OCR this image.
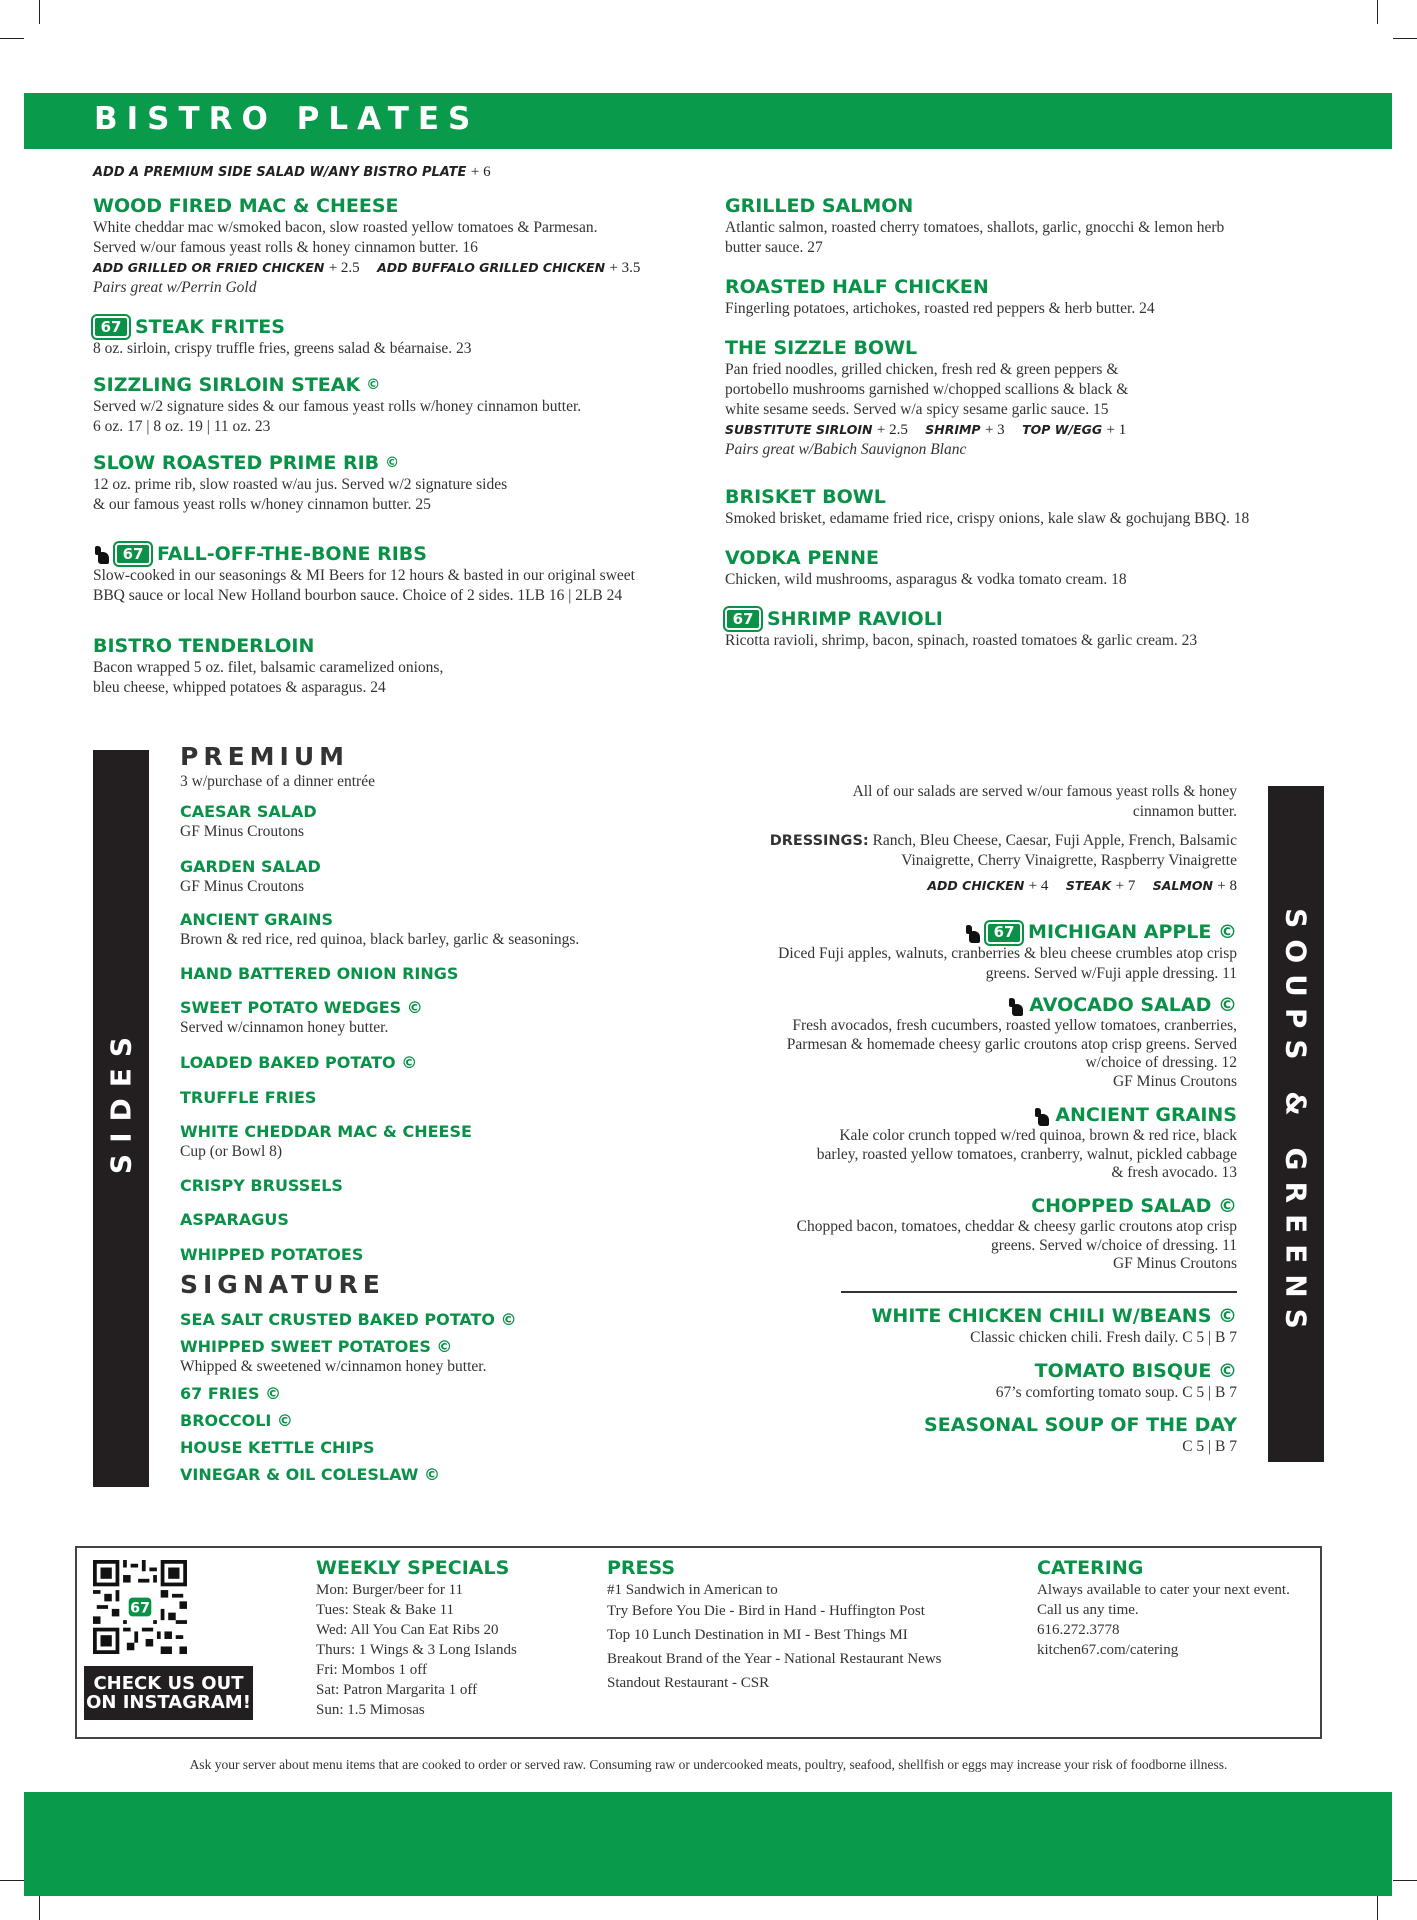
BISTRO PLATES
ADD A PREMIUM SIDE SALAD W/ANY BISTRO PLATE + 6
WOOD FIRED MAC & CHEESE
White cheddar mac w/smoked bacon, slow roasted yellow tomatoes & Parmesan.
Served w/our famous yeast rolls & honey cinnamon butter. 16
ADD GRILLED OR FRIED CHICKEN + 2.5 ADD BUFFALO GRILLED CHICKEN + 3.5
Pairs great w/Perrin Gold
67 STEAK FRITES
8 oz. sirloin, crispy truffle fries, greens salad & béarnaise. 23
SIZZLING SIRLOIN STEAK ©
Served w/2 signature sides & our famous yeast rolls w/honey cinnamon butter.
6 oz. 17 | 8 oz. 19 | 11 oz. 23
SLOW ROASTED PRIME RIB ©
12 oz. prime rib, slow roasted w/au jus. Served w/2 signature sides
& our famous yeast rolls w/honey cinnamon butter. 25
67 FALL-OFF-THE-BONE RIBS
Slow-cooked in our seasonings & MI Beers for 12 hours & basted in our original sweet
BBQ sauce or local New Holland bourbon sauce. Choice of 2 sides. 1LB 16 | 2LB 24
BISTRO TENDERLOIN
Bacon wrapped 5 oz. filet, balsamic caramelized onions,
bleu cheese, whipped potatoes & asparagus. 24
GRILLED SALMON
Atlantic salmon, roasted cherry tomatoes, shallots, garlic, gnocchi & lemon herb
butter sauce. 27
ROASTED HALF CHICKEN
Fingerling potatoes, artichokes, roasted red peppers & herb butter. 24
THE SIZZLE BOWL
Pan fried noodles, grilled chicken, fresh red & green peppers &
portobello mushrooms garnished w/chopped scallions & black &
white sesame seeds. Served w/a spicy sesame garlic sauce. 15
SUBSTITUTE SIRLOIN + 2.5 SHRIMP + 3 TOP W/EGG + 1
Pairs great w/Babich Sauvignon Blanc
BRISKET BOWL
Smoked brisket, edamame fried rice, crispy onions, kale slaw & gochujang BBQ. 18
VODKA PENNE
Chicken, wild mushrooms, asparagus & vodka tomato cream. 18
67 SHRIMP RAVIOLI
Ricotta ravioli, shrimp, bacon, spinach, roasted tomatoes & garlic cream. 23
SIDES
PREMIUM
3 w/purchase of a dinner entrée
CAESAR SALAD
GF Minus Croutons
GARDEN SALAD
GF Minus Croutons
ANCIENT GRAINS
Brown & red rice, red quinoa, black barley, garlic & seasonings.
HAND BATTERED ONION RINGS
SWEET POTATO WEDGES ©
Served w/cinnamon honey butter.
LOADED BAKED POTATO ©
TRUFFLE FRIES
WHITE CHEDDAR MAC & CHEESE
Cup (or Bowl 8)
CRISPY BRUSSELS
ASPARAGUS
WHIPPED POTATOES
SIGNATURE
SEA SALT CRUSTED BAKED POTATO ©
WHIPPED SWEET POTATOES ©
Whipped & sweetened w/cinnamon honey butter.
67 FRIES ©
BROCCOLI ©
HOUSE KETTLE CHIPS
VINEGAR & OIL COLESLAW ©
SOUPS & GREENS
All of our salads are served w/our famous yeast rolls & honey
cinnamon butter.
DRESSINGS: Ranch, Bleu Cheese, Caesar, Fuji Apple, French, Balsamic
Vinaigrette, Cherry Vinaigrette, Raspberry Vinaigrette
ADD CHICKEN + 4 STEAK + 7 SALMON + 8
67 MICHIGAN APPLE ©
Diced Fuji apples, walnuts, cranberries & bleu cheese crumbles atop crisp
greens. Served w/Fuji apple dressing. 11
AVOCADO SALAD ©
Fresh avocados, fresh cucumbers, roasted yellow tomatoes, cranberries,
Parmesan & homemade cheesy garlic croutons atop crisp greens. Served
w/choice of dressing. 12
GF Minus Croutons
ANCIENT GRAINS
Kale color crunch topped w/red quinoa, brown & red rice, black
barley, roasted yellow tomatoes, cranberry, walnut, pickled cabbage
& fresh avocado. 13
CHOPPED SALAD ©
Chopped bacon, tomatoes, cheddar & cheesy garlic croutons atop crisp
greens. Served w/choice of dressing. 11
GF Minus Croutons
WHITE CHICKEN CHILI W/BEANS ©
Classic chicken chili. Fresh daily. C 5 | B 7
TOMATO BISQUE ©
67’s comforting tomato soup. C 5 | B 7
SEASONAL SOUP OF THE DAY
C 5 | B 7
67
CHECK US OUT
ON INSTAGRAM!
WEEKLY SPECIALS
Mon: Burger/beer for 11
Tues: Steak & Bake 11
Wed: All You Can Eat Ribs 20
Thurs: 1 Wings & 3 Long Islands
Fri: Mombos 1 off
Sat: Patron Margarita 1 off
Sun: 1.5 Mimosas
PRESS
#1 Sandwich in American to
Try Before You Die - Bird in Hand - Huffington Post
Top 10 Lunch Destination in MI - Best Things MI
Breakout Brand of the Year - National Restaurant News
Standout Restaurant - CSR
CATERING
Always available to cater your next event.
Call us any time.
616.272.3778
kitchen67.com/catering
Ask your server about menu items that are cooked to order or served raw. Consuming raw or undercooked meats, poultry, seafood, shellfish or eggs may increase your risk of foodborne illness.
